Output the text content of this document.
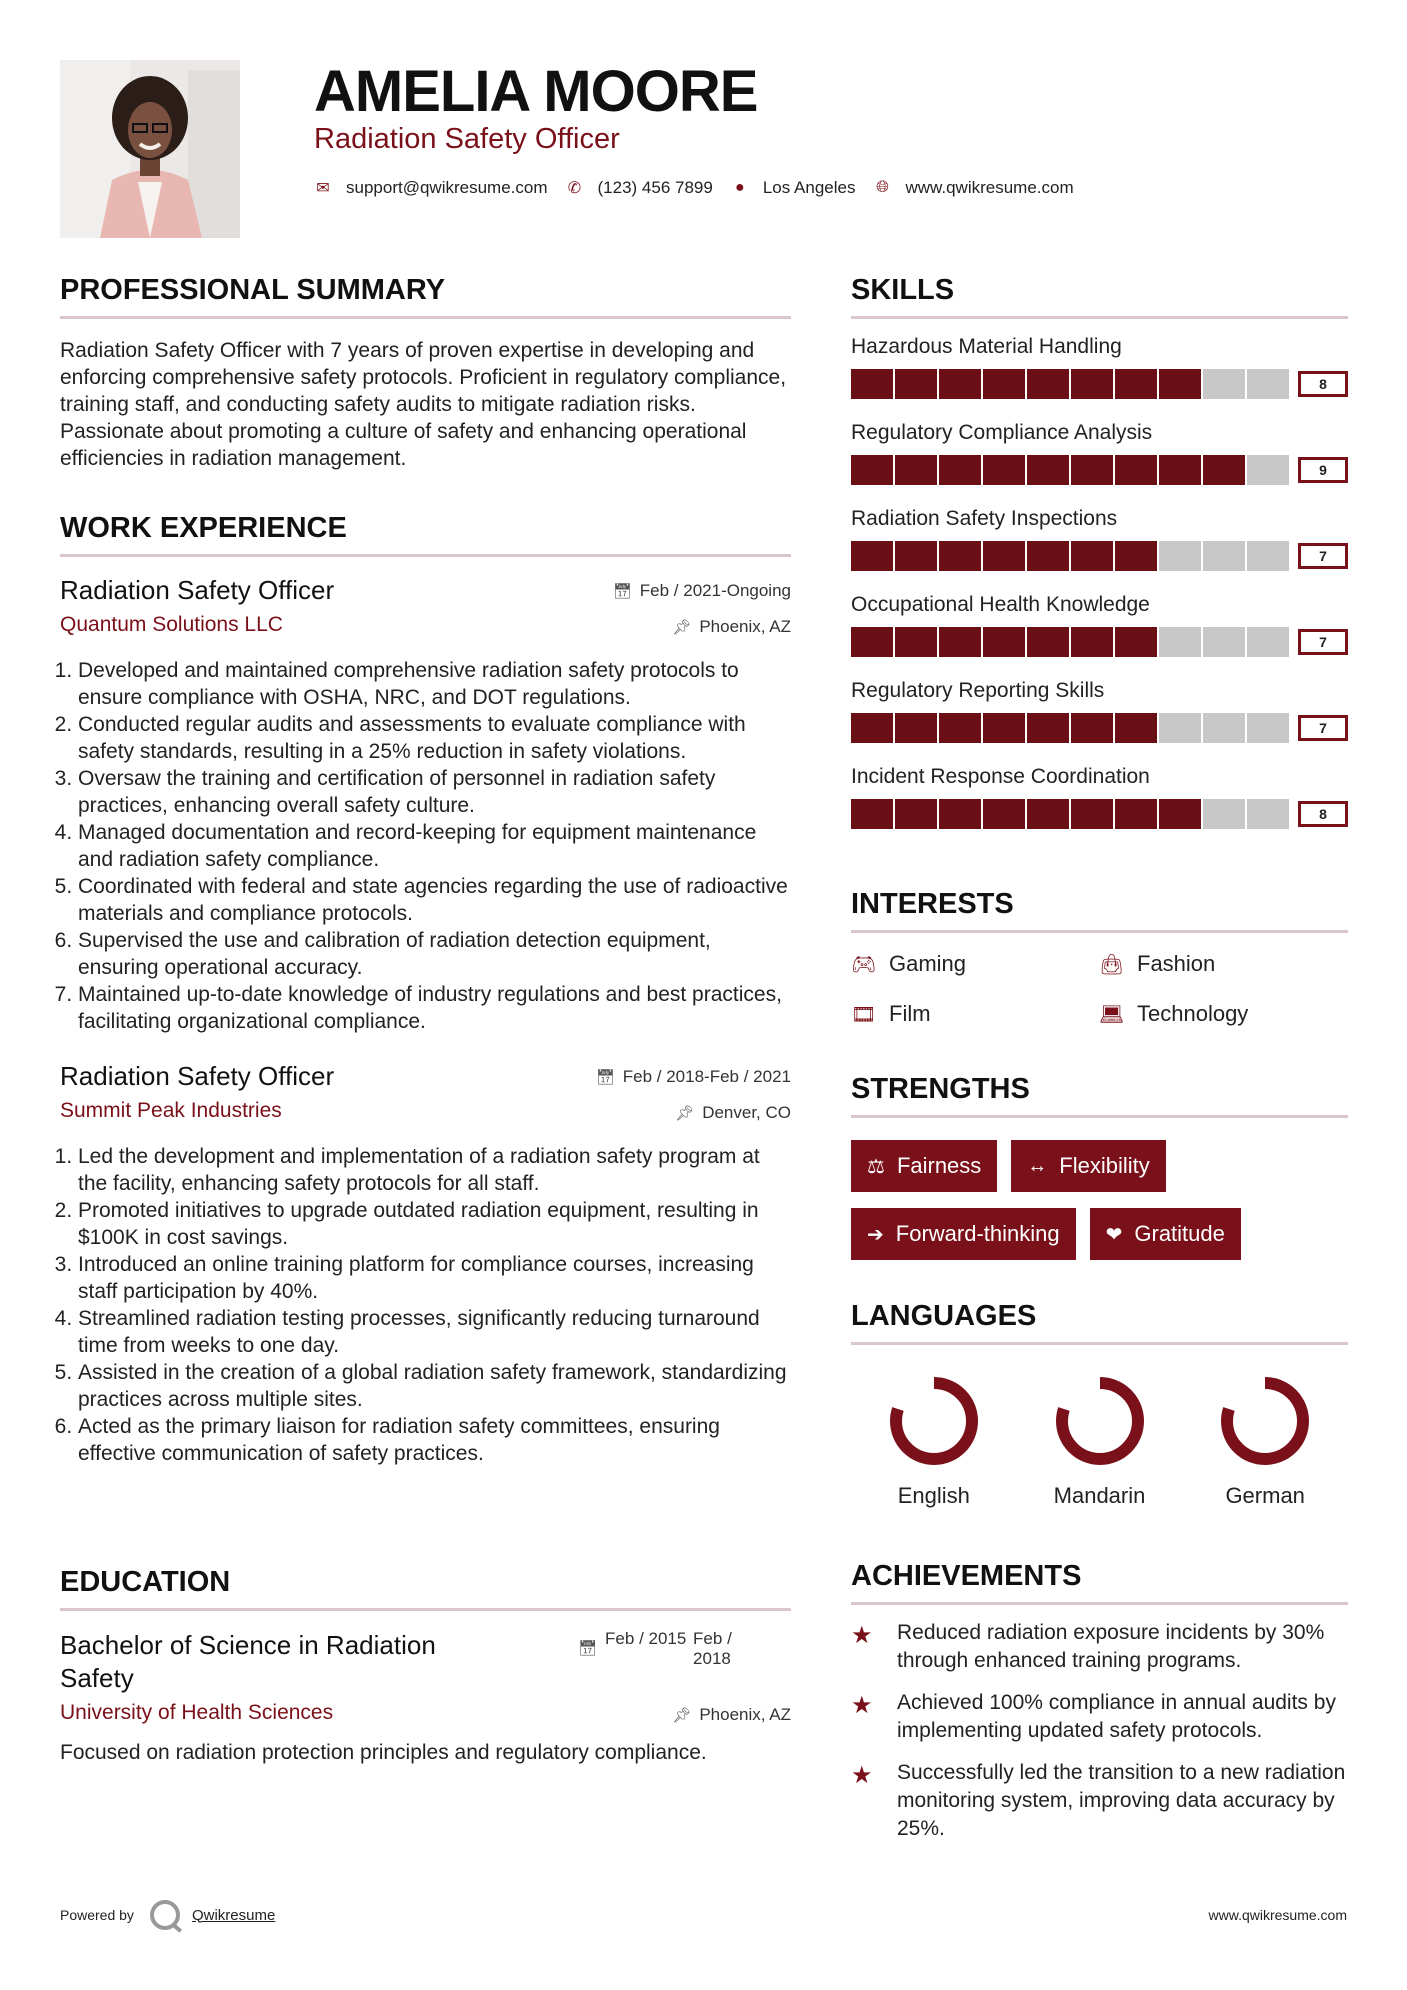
AMELIA MOORE
Radiation Safety Officer
✉ support@qwikresume.com ✆ (123) 456 7899 ● Los Angeles 🌐︎ www.qwikresume.com
PROFESSIONAL SUMMARY

Radiation Safety Officer with 7 years of proven expertise in developing and enforcing comprehensive safety protocols. Proficient in regulatory compliance, training staff, and conducting safety audits to mitigate radiation risks. Passionate about promoting a culture of safety and enhancing operational efficiencies in radiation management.

WORK EXPERIENCE
Radiation Safety Officer	📅︎ Feb / 2021-Ongoing
Quantum Solutions LLC	📌︎ Phoenix, AZ
1. Developed and maintained comprehensive radiation safety protocols to ensure compliance with OSHA, NRC, and DOT regulations.
2. Conducted regular audits and assessments to evaluate compliance with safety standards, resulting in a 25% reduction in safety violations.
3. Oversaw the training and certification of personnel in radiation safety practices, enhancing overall safety culture.
4. Managed documentation and record-keeping for equipment maintenance and radiation safety compliance.
5. Coordinated with federal and state agencies regarding the use of radioactive materials and compliance protocols.
6. Supervised the use and calibration of radiation detection equipment, ensuring operational accuracy.
7. Maintained up-to-date knowledge of industry regulations and best practices, facilitating organizational compliance.
Radiation Safety Officer	📅︎ Feb / 2018-Feb / 2021
Summit Peak Industries	📌︎ Denver, CO
1. Led the development and implementation of a radiation safety program at the facility, enhancing safety protocols for all staff.
2. Promoted initiatives to upgrade outdated radiation equipment, resulting in $100K in cost savings.
3. Introduced an online training platform for compliance courses, increasing staff participation by 40%.
4. Streamlined radiation testing processes, significantly reducing turnaround time from weeks to one day.
5. Assisted in the creation of a global radiation safety framework, standardizing practices across multiple sites.
6. Acted as the primary liaison for radiation safety committees, ensuring effective communication of safety practices.
EDUCATION
Bachelor of Science in Radiation Safety
📅︎
Feb / 2015 Feb / 2018
University of Health Sciences	📌︎ Phoenix, AZ

Focused on radiation protection principles and regulatory compliance.

SKILLS
Hazardous Material Handling
8
Regulatory Compliance Analysis
9
Radiation Safety Inspections
7
Occupational Health Knowledge
7
Regulatory Reporting Skills
7
Incident Response Coordination
8
INTERESTS
🎮︎ Gaming	👜︎ Fashion
🎞︎ Film	💻︎ Technology
STRENGTHS
⚖︎ Fairness ↔ Flexibility
➔ Forward-thinking ❤︎ Gratitude
LANGUAGES
English	Mandarin	German
ACHIEVEMENTS
★	Reduced radiation exposure incidents by 30% through enhanced training programs.
★	Achieved 100% compliance in annual audits by implementing updated safety protocols.
★	Successfully led the transition to a new radiation monitoring system, improving data accuracy by 25%.
Powered by	Qwikresume	www.qwikresume.com
